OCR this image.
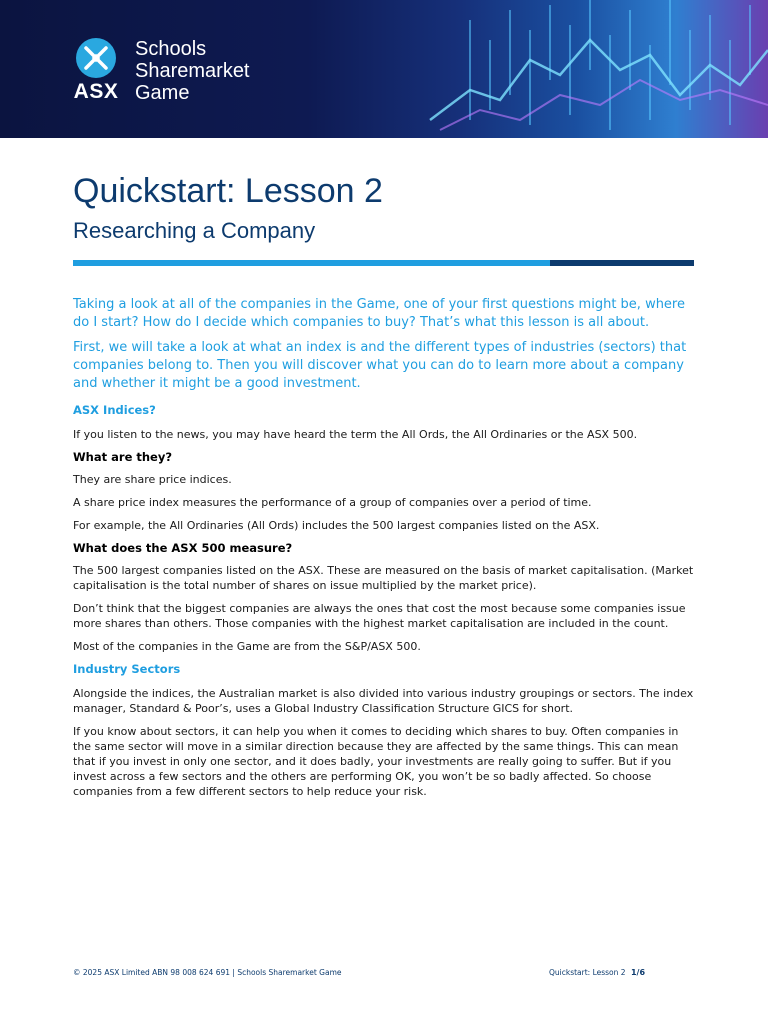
ASX
Schools
Sharemarket
Game
Quickstart: Lesson 2
Researching a Company

Taking a look at all of the companies in the Game, one of your first questions might be, where do I start? How do I decide which companies to buy? That’s what this lesson is all about.

First, we will take a look at what an index is and the different types of industries (sectors) that companies belong to. Then you will discover what you can do to learn more about a company and whether it might be a good investment.

ASX Indices?

If you listen to the news, you may have heard the term the All Ords, the All Ordinaries or the ASX 500.

What are they?

They are share price indices.

A share price index measures the performance of a group of companies over a period of time.

For example, the All Ordinaries (All Ords) includes the 500 largest companies listed on the ASX.

What does the ASX 500 measure?

The 500 largest companies listed on the ASX. These are measured on the basis of market capitalisation. (Market capitalisation is the total number of shares on issue multiplied by the market price).

Don’t think that the biggest companies are always the ones that cost the most because some companies issue more shares than others. Those companies with the highest market capitalisation are included in the count.

Most of the companies in the Game are from the S&P/ASX 500.

Industry Sectors

Alongside the indices, the Australian market is also divided into various industry groupings or sectors. The index manager, Standard & Poor’s, uses a Global Industry Classification Structure GICS for short.

If you know about sectors, it can help you when it comes to deciding which shares to buy. Often companies in the same sector will move in a similar direction because they are affected by the same things. This can mean that if you invest in only one sector, and it does badly, your investments are really going to suffer. But if you invest across a few sectors and the others are performing OK, you won’t be so badly affected. So choose companies from a few different sectors to help reduce your risk.

© 2025 ASX Limited ABN 98 008 624 691 | Schools Sharemarket Game	Quickstart: Lesson 2 1/6
